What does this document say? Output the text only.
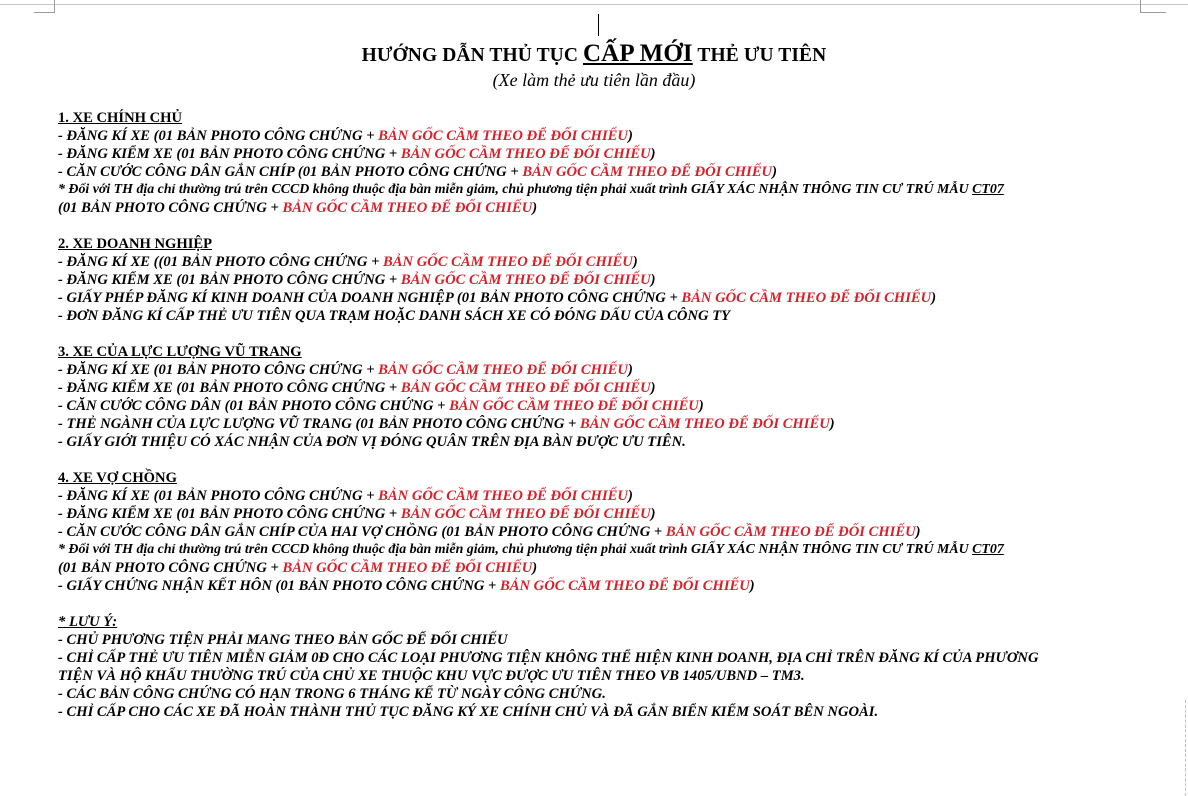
HƯỚNG DẪN THỦ TỤC CẤP MỚI THẺ ƯU TIÊN
(Xe làm thẻ ưu tiên lần đầu)
1. XE CHÍNH CHỦ
- ĐĂNG KÍ XE (01 BẢN PHOTO CÔNG CHỨNG + BẢN GỐC CẦM THEO ĐỂ ĐỐI CHIẾU)
- ĐĂNG KIỂM XE (01 BẢN PHOTO CÔNG CHỨNG + BẢN GỐC CẦM THEO ĐỂ ĐỐI CHIẾU)
- CĂN CƯỚC CÔNG DÂN GẮN CHÍP (01 BẢN PHOTO CÔNG CHỨNG + BẢN GỐC CẦM THEO ĐỂ ĐỐI CHIẾU)
* Đối với TH địa chỉ thường trú trên CCCD không thuộc địa bàn miễn giảm, chủ phương tiện phải xuất trình GIẤY XÁC NHẬN THÔNG TIN CƯ TRÚ MẪU CT07
(01 BẢN PHOTO CÔNG CHỨNG + BẢN GỐC CẦM THEO ĐỂ ĐỐI CHIẾU)
2. XE DOANH NGHIỆP
- ĐĂNG KÍ XE ((01 BẢN PHOTO CÔNG CHỨNG + BẢN GỐC CẦM THEO ĐỂ ĐỐI CHIẾU)
- ĐĂNG KIỂM XE (01 BẢN PHOTO CÔNG CHỨNG + BẢN GỐC CẦM THEO ĐỂ ĐỐI CHIẾU)
- GIẤY PHÉP ĐĂNG KÍ KINH DOANH CỦA DOANH NGHIỆP (01 BẢN PHOTO CÔNG CHỨNG + BẢN GỐC CẦM THEO ĐỂ ĐỐI CHIẾU)
- ĐƠN ĐĂNG KÍ CẤP THẺ ƯU TIÊN QUA TRẠM HOẶC DANH SÁCH XE CÓ ĐÓNG DẤU CỦA CÔNG TY
3. XE CỦA LỰC LƯỢNG VŨ TRANG
- ĐĂNG KÍ XE (01 BẢN PHOTO CÔNG CHỨNG + BẢN GỐC CẦM THEO ĐỂ ĐỐI CHIẾU)
- ĐĂNG KIỂM XE (01 BẢN PHOTO CÔNG CHỨNG + BẢN GỐC CẦM THEO ĐỂ ĐỐI CHIẾU)
- CĂN CƯỚC CÔNG DÂN (01 BẢN PHOTO CÔNG CHỨNG + BẢN GỐC CẦM THEO ĐỂ ĐỐI CHIẾU)
- THẺ NGÀNH CỦA LỰC LƯỢNG VŨ TRANG (01 BẢN PHOTO CÔNG CHỨNG + BẢN GỐC CẦM THEO ĐỂ ĐỐI CHIẾU)
- GIẤY GIỚI THIỆU CÓ XÁC NHẬN CỦA ĐƠN VỊ ĐÓNG QUÂN TRÊN ĐỊA BÀN ĐƯỢC ƯU TIÊN.
4. XE VỢ CHỒNG
- ĐĂNG KÍ XE (01 BẢN PHOTO CÔNG CHỨNG + BẢN GỐC CẦM THEO ĐỂ ĐỐI CHIẾU)
- ĐĂNG KIỂM XE (01 BẢN PHOTO CÔNG CHỨNG + BẢN GỐC CẦM THEO ĐỂ ĐỐI CHIẾU)
- CĂN CƯỚC CÔNG DÂN GẮN CHÍP CỦA HAI VỢ CHỒNG (01 BẢN PHOTO CÔNG CHỨNG + BẢN GỐC CẦM THEO ĐỂ ĐỐI CHIẾU)
* Đối với TH địa chỉ thường trú trên CCCD không thuộc địa bàn miễn giảm, chủ phương tiện phải xuất trình GIẤY XÁC NHẬN THÔNG TIN CƯ TRÚ MẪU CT07
(01 BẢN PHOTO CÔNG CHỨNG + BẢN GỐC CẦM THEO ĐỂ ĐỐI CHIẾU)
- GIẤY CHỨNG NHẬN KẾT HÔN (01 BẢN PHOTO CÔNG CHỨNG + BẢN GỐC CẦM THEO ĐỂ ĐỐI CHIẾU)
* LƯU Ý:
- CHỦ PHƯƠNG TIỆN PHẢI MANG THEO BẢN GỐC ĐỂ ĐỐI CHIẾU
- CHỈ CẤP THẺ ƯU TIÊN MIỄN GIẢM 0Đ CHO CÁC LOẠI PHƯƠNG TIỆN KHÔNG THỂ HIỆN KINH DOANH, ĐỊA CHỈ TRÊN ĐĂNG KÍ CỦA PHƯƠNG
TIỆN VÀ HỘ KHẨU THƯỜNG TRÚ CỦA CHỦ XE THUỘC KHU VỰC ĐƯỢC ƯU TIÊN THEO VB 1405/UBND – TM3.
- CÁC BẢN CÔNG CHỨNG CÓ HẠN TRONG 6 THÁNG KỂ TỪ NGÀY CÔNG CHỨNG.
- CHỈ CẤP CHO CÁC XE ĐÃ HOÀN THÀNH THỦ TỤC ĐĂNG KÝ XE CHÍNH CHỦ VÀ ĐÃ GẮN BIỂN KIỂM SOÁT BÊN NGOÀI.
